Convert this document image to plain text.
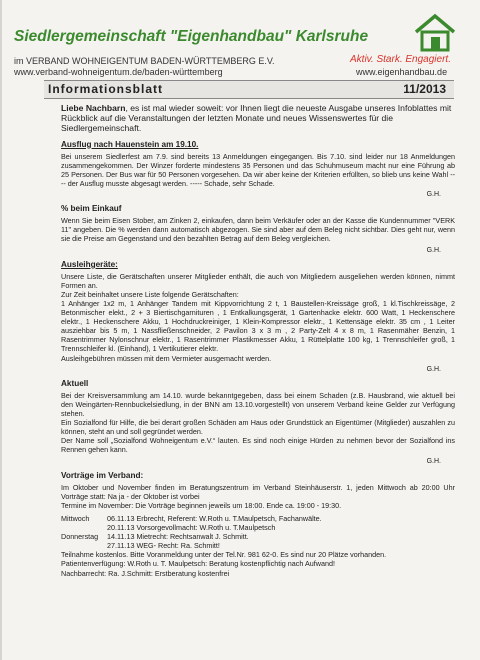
Siedlergemeinschaft "Eigenhandbau" Karlsruhe
im VERBAND WOHNEIGENTUM BADEN-WÜRTTEMBERG E.V.
www.verband-wohneigentum.de/baden-württemberg
Aktiv. Stark. Engagiert.
www.eigenhandbau.de
Informationsblatt	11/2013

Liebe Nachbarn, es ist mal wieder soweit: vor Ihnen liegt die neueste Ausgabe unseres Infoblattes mit Rückblick auf die Veranstaltungen der letzten Monate und neues Wissenswertes für die Siedlergemeinschaft.

Ausflug nach Hauenstein am 19.10.

Bei unserem Siedlerfest am 7.9. sind bereits 13 Anmeldungen eingegangen. Bis 7.10. sind leider nur 18 Anmeldungen zusammengekommen. Der Winzer forderte mindestens 35 Personen und das Schuhmuseum macht nur eine Führung ab 25 Personen. Der Bus war für 50 Personen vorgesehen. Da wir aber keine der Kriterien erfüllten, so blieb uns keine Wahl ---- der Ausflug musste abgesagt werden. ----- Schade, sehr Schade.

G.H.
% beim Einkauf

Wenn Sie beim Eisen Stober, am Zinken 2, einkaufen, dann beim Verkäufer oder an der Kasse die Kundennummer "VERK 11" angeben. Die % werden dann automatisch abgezogen. Sie sind aber auf dem Beleg nicht sichtbar. Dies geht nur, wenn sie die Preise am Gegenstand und den bezahlten Betrag auf dem Beleg vergleichen.

G.H.
Ausleihgeräte:

Unsere Liste, die Gerätschaften unserer Mitglieder enthält, die auch von Mitgliedern ausgeliehen werden können, nimmt Formen an.

Zur Zeit beinhaltet unsere Liste folgende Gerätschaften:

1 Anhänger 1x2 m, 1 Anhänger Tandem mit Kippvorrichtung 2 t, 1 Baustellen-Kreissäge groß, 1 kl.Tischkreissäge, 2 Betonmischer elekt., 2 + 3 Biertischgarnituren , 1 Entkalkungsgerät, 1 Gartenhacke elektr. 600 Watt, 1 Heckenschere elektr., 1 Heckenschere Akku, 1 Hochdruckreiniger, 1 Klein-Kompressor elektr., 1 Kettensäge elektr. 35 cm , 1 Leiter ausziehbar bis 5 m, 1 Nassfließenschneider, 2 Pavilon 3 x 3 m , 2 Party-Zelt 4 x 8 m, 1 Rasenmäher Benzin, 1 Rasentrimmer Nylonschnur elektr., 1 Rasentrimmer Plastikmesser Akku, 1 Rüttelplatte 100 kg, 1 Trennschleifer groß, 1 Trennschleifer kl. (Einhand), 1 Vertikutierer elektr.

Ausleihgebühren müssen mit dem Vermieter ausgemacht werden.

G.H.
Aktuell

Bei der Kreisversammlung am 14.10. wurde bekanntgegeben, dass bei einem Schaden (z.B. Hausbrand, wie aktuell bei den Weingärten-Rennbuckelsiedlung, in der BNN am 13.10.vorgestellt) von unserem Verband keine Gelder zur Verfügung stehen.

Ein Sozialfond für Hilfe, die bei derart großen Schäden am Haus oder Grundstück an Eigentümer (Mitglieder) auszahlen zu können, steht an und soll gegründet werden.

Der Name soll „Sozialfond Wohneigentum e.V.“ lauten. Es sind noch einige Hürden zu nehmen bevor der Sozialfond ins Rennen gehen kann.

G.H.
Vorträge im Verband:

Im Oktober und November finden im Beratungszentrum im Verband Steinhäuserstr. 1, jeden Mittwoch ab 20:00 Uhr Vorträge statt: Na ja - der Oktober ist vorbei

Termine im November: Die Vorträge beginnen jeweils um 18:00. Ende ca. 19:00 - 19:30.

Mittwoch	06.11.13 Erbrecht, Referent: W.Roth u. T.Maulpetsch, Fachanwälte.
20.11.13 Vorsorgevollmacht: W.Roth u. T.Maulpetsch
Donnerstag	14.11.13 Mietrecht: Rechtsanwalt J. Schmitt.
27.11.13 WEG- Recht: Ra. Schmitt!

Teilnahme kostenlos. Bitte Voranmeldung unter der Tel.Nr. 981 62-0. Es sind nur 20 Plätze vorhanden.

Patientenverfügung: W.Roth u. T. Maulpetsch: Beratung kostenpflichtig nach Aufwand!

Nachbarrecht: Ra. J.Schmitt: Erstberatung kostenfrei
